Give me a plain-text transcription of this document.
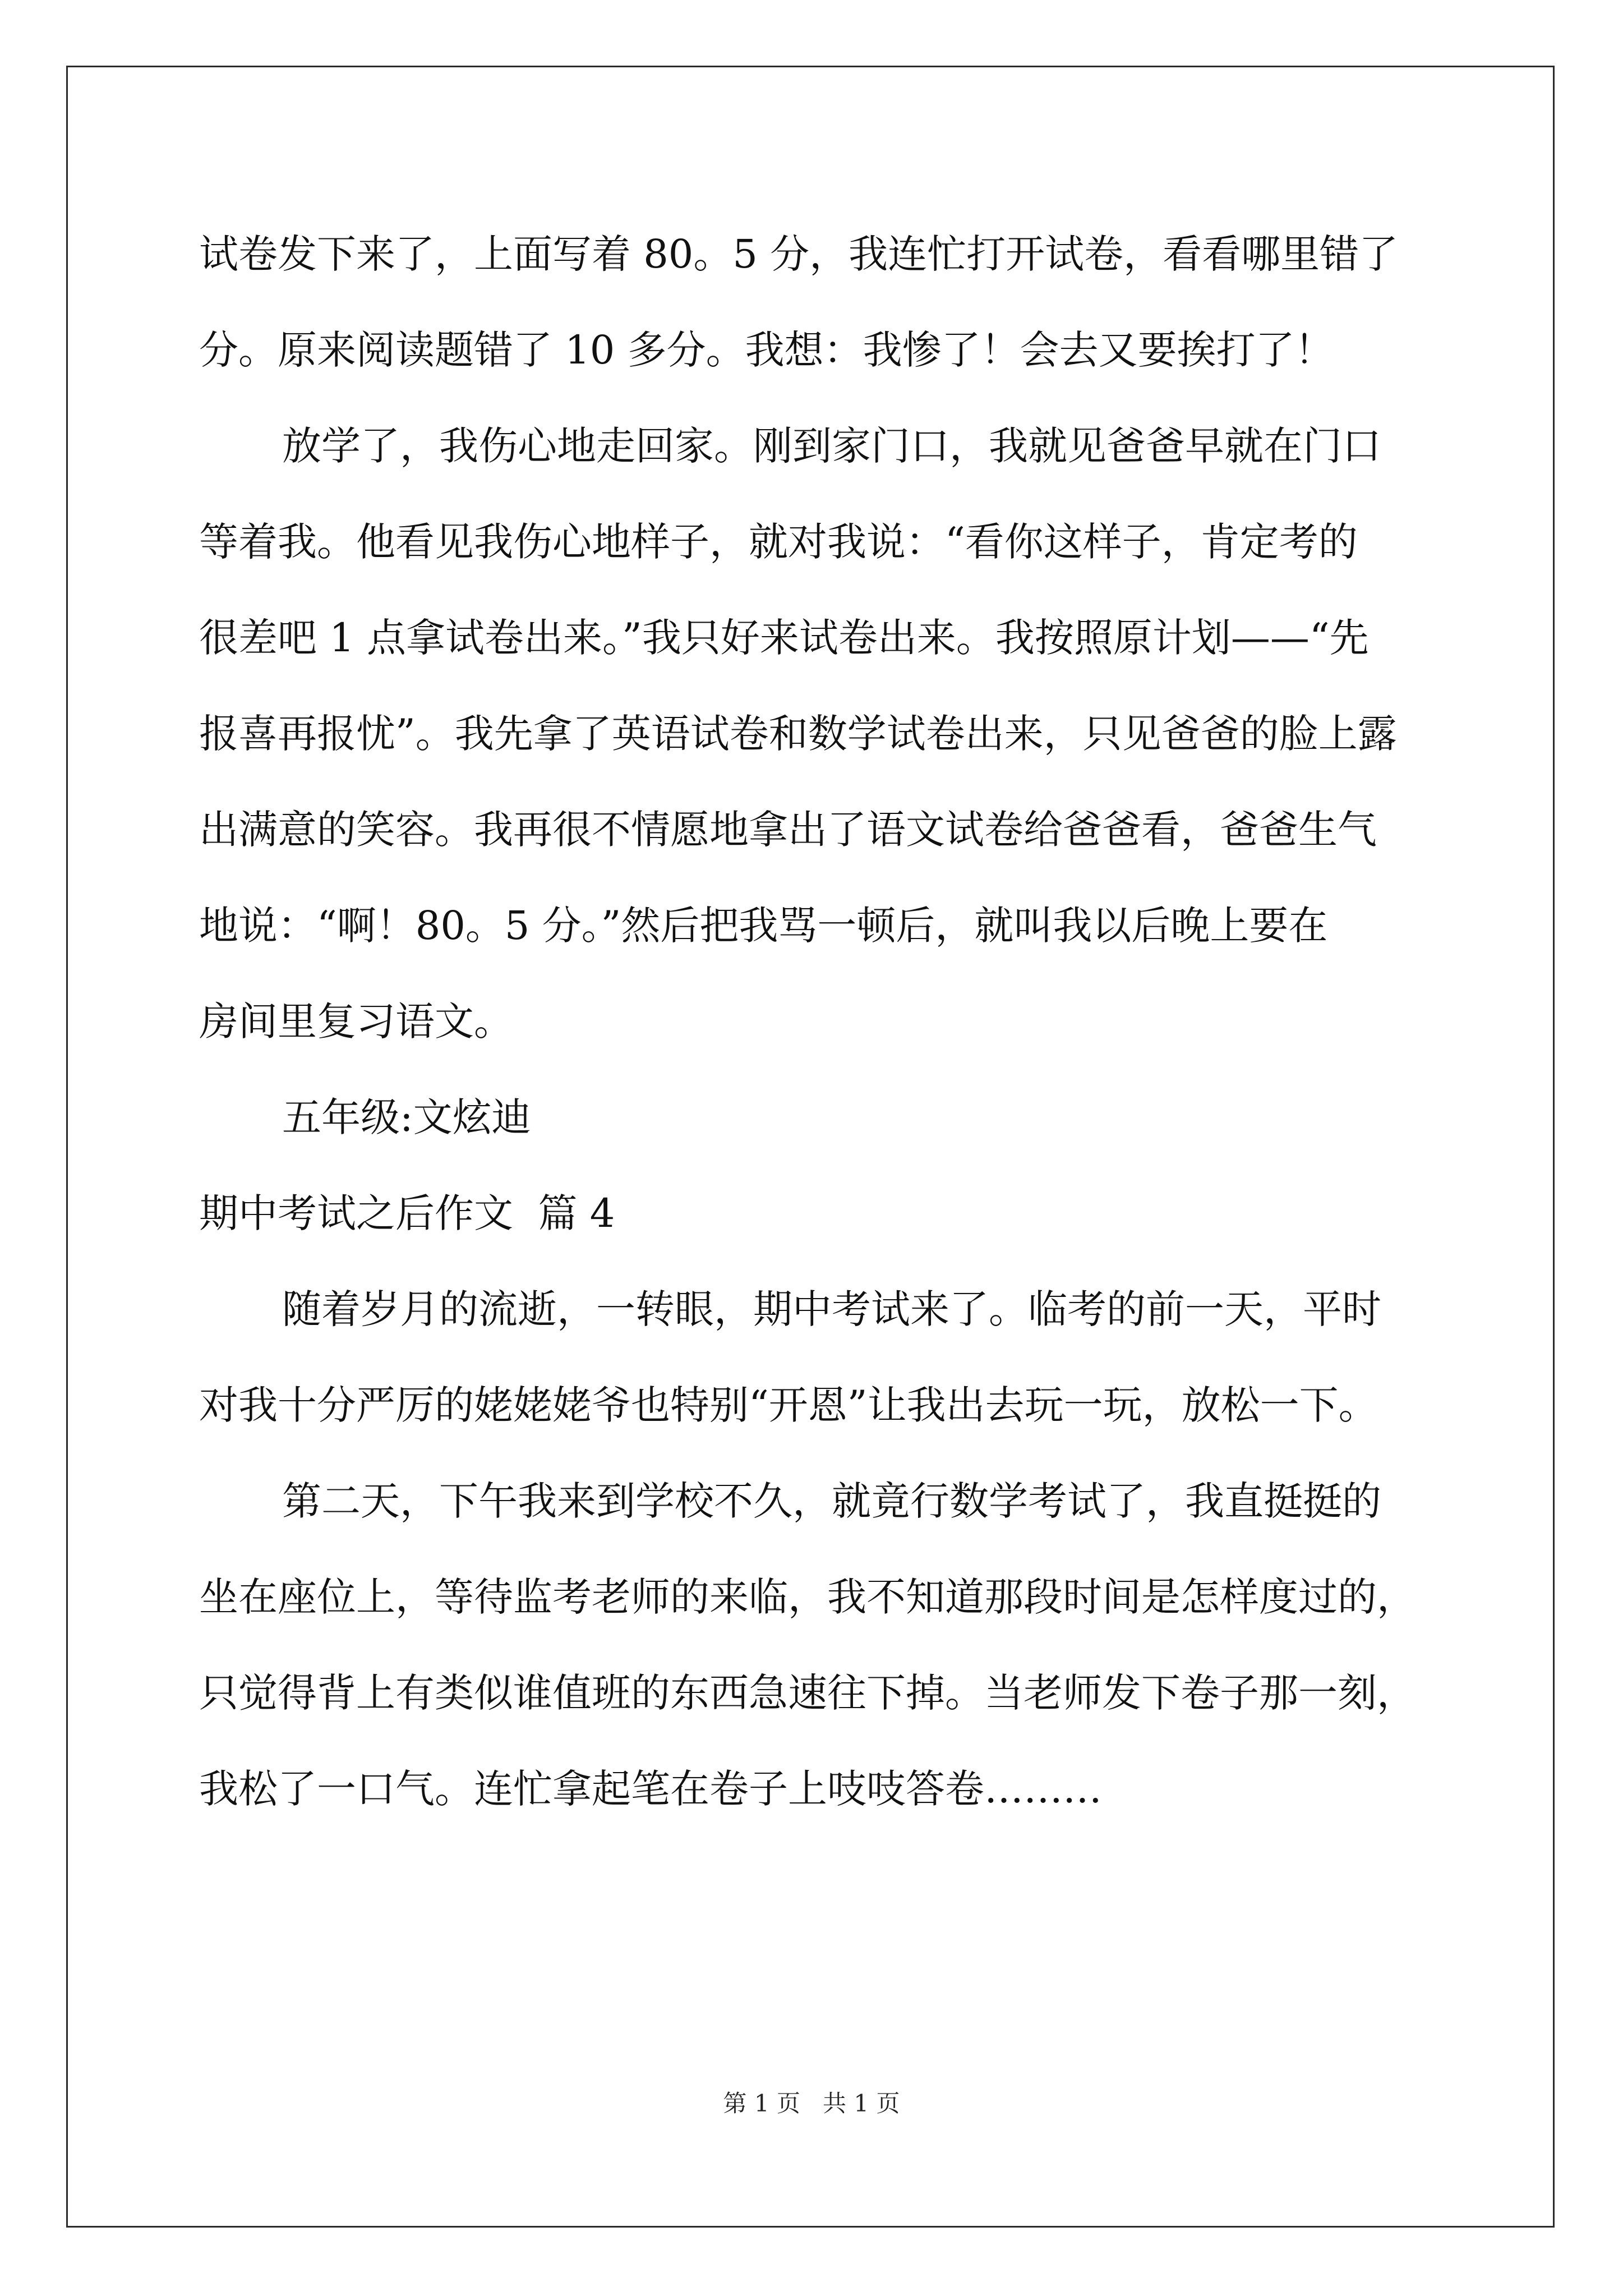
试卷发下来了，上面写着 80。5 分，我连忙打开试卷，看看哪里错了
分。原来阅读题错了 10 多分。我想：我惨了！会去又要挨打了！
放学了，我伤心地走回家。刚到家门口，我就见爸爸早就在门口
等着我。他看见我伤心地样子，就对我说：“看你这样子，肯定考的
很差吧 1 点拿试卷出来。”我只好来试卷出来。我按照原计划——“先
报喜再报忧”。我先拿了英语试卷和数学试卷出来，只见爸爸的脸上露
出满意的笑容。我再很不情愿地拿出了语文试卷给爸爸看，爸爸生气
地说：“啊！80。5 分。”然后把我骂一顿后，就叫我以后晚上要在
房间里复习语文。
五年级:文炫迪
期中考试之后作文  篇 4
随着岁月的流逝，一转眼，期中考试来了。临考的前一天，平时
对我十分严厉的姥姥姥爷也特别“开恩”让我出去玩一玩，放松一下。
第二天，下午我来到学校不久，就竟行数学考试了，我直挺挺的
坐在座位上，等待监考老师的来临，我不知道那段时间是怎样度过的，
只觉得背上有类似谁值班的东西急速往下掉。当老师发下卷子那一刻，
我松了一口气。连忙拿起笔在卷子上吱吱答卷………
第 1 页   共 1 页
